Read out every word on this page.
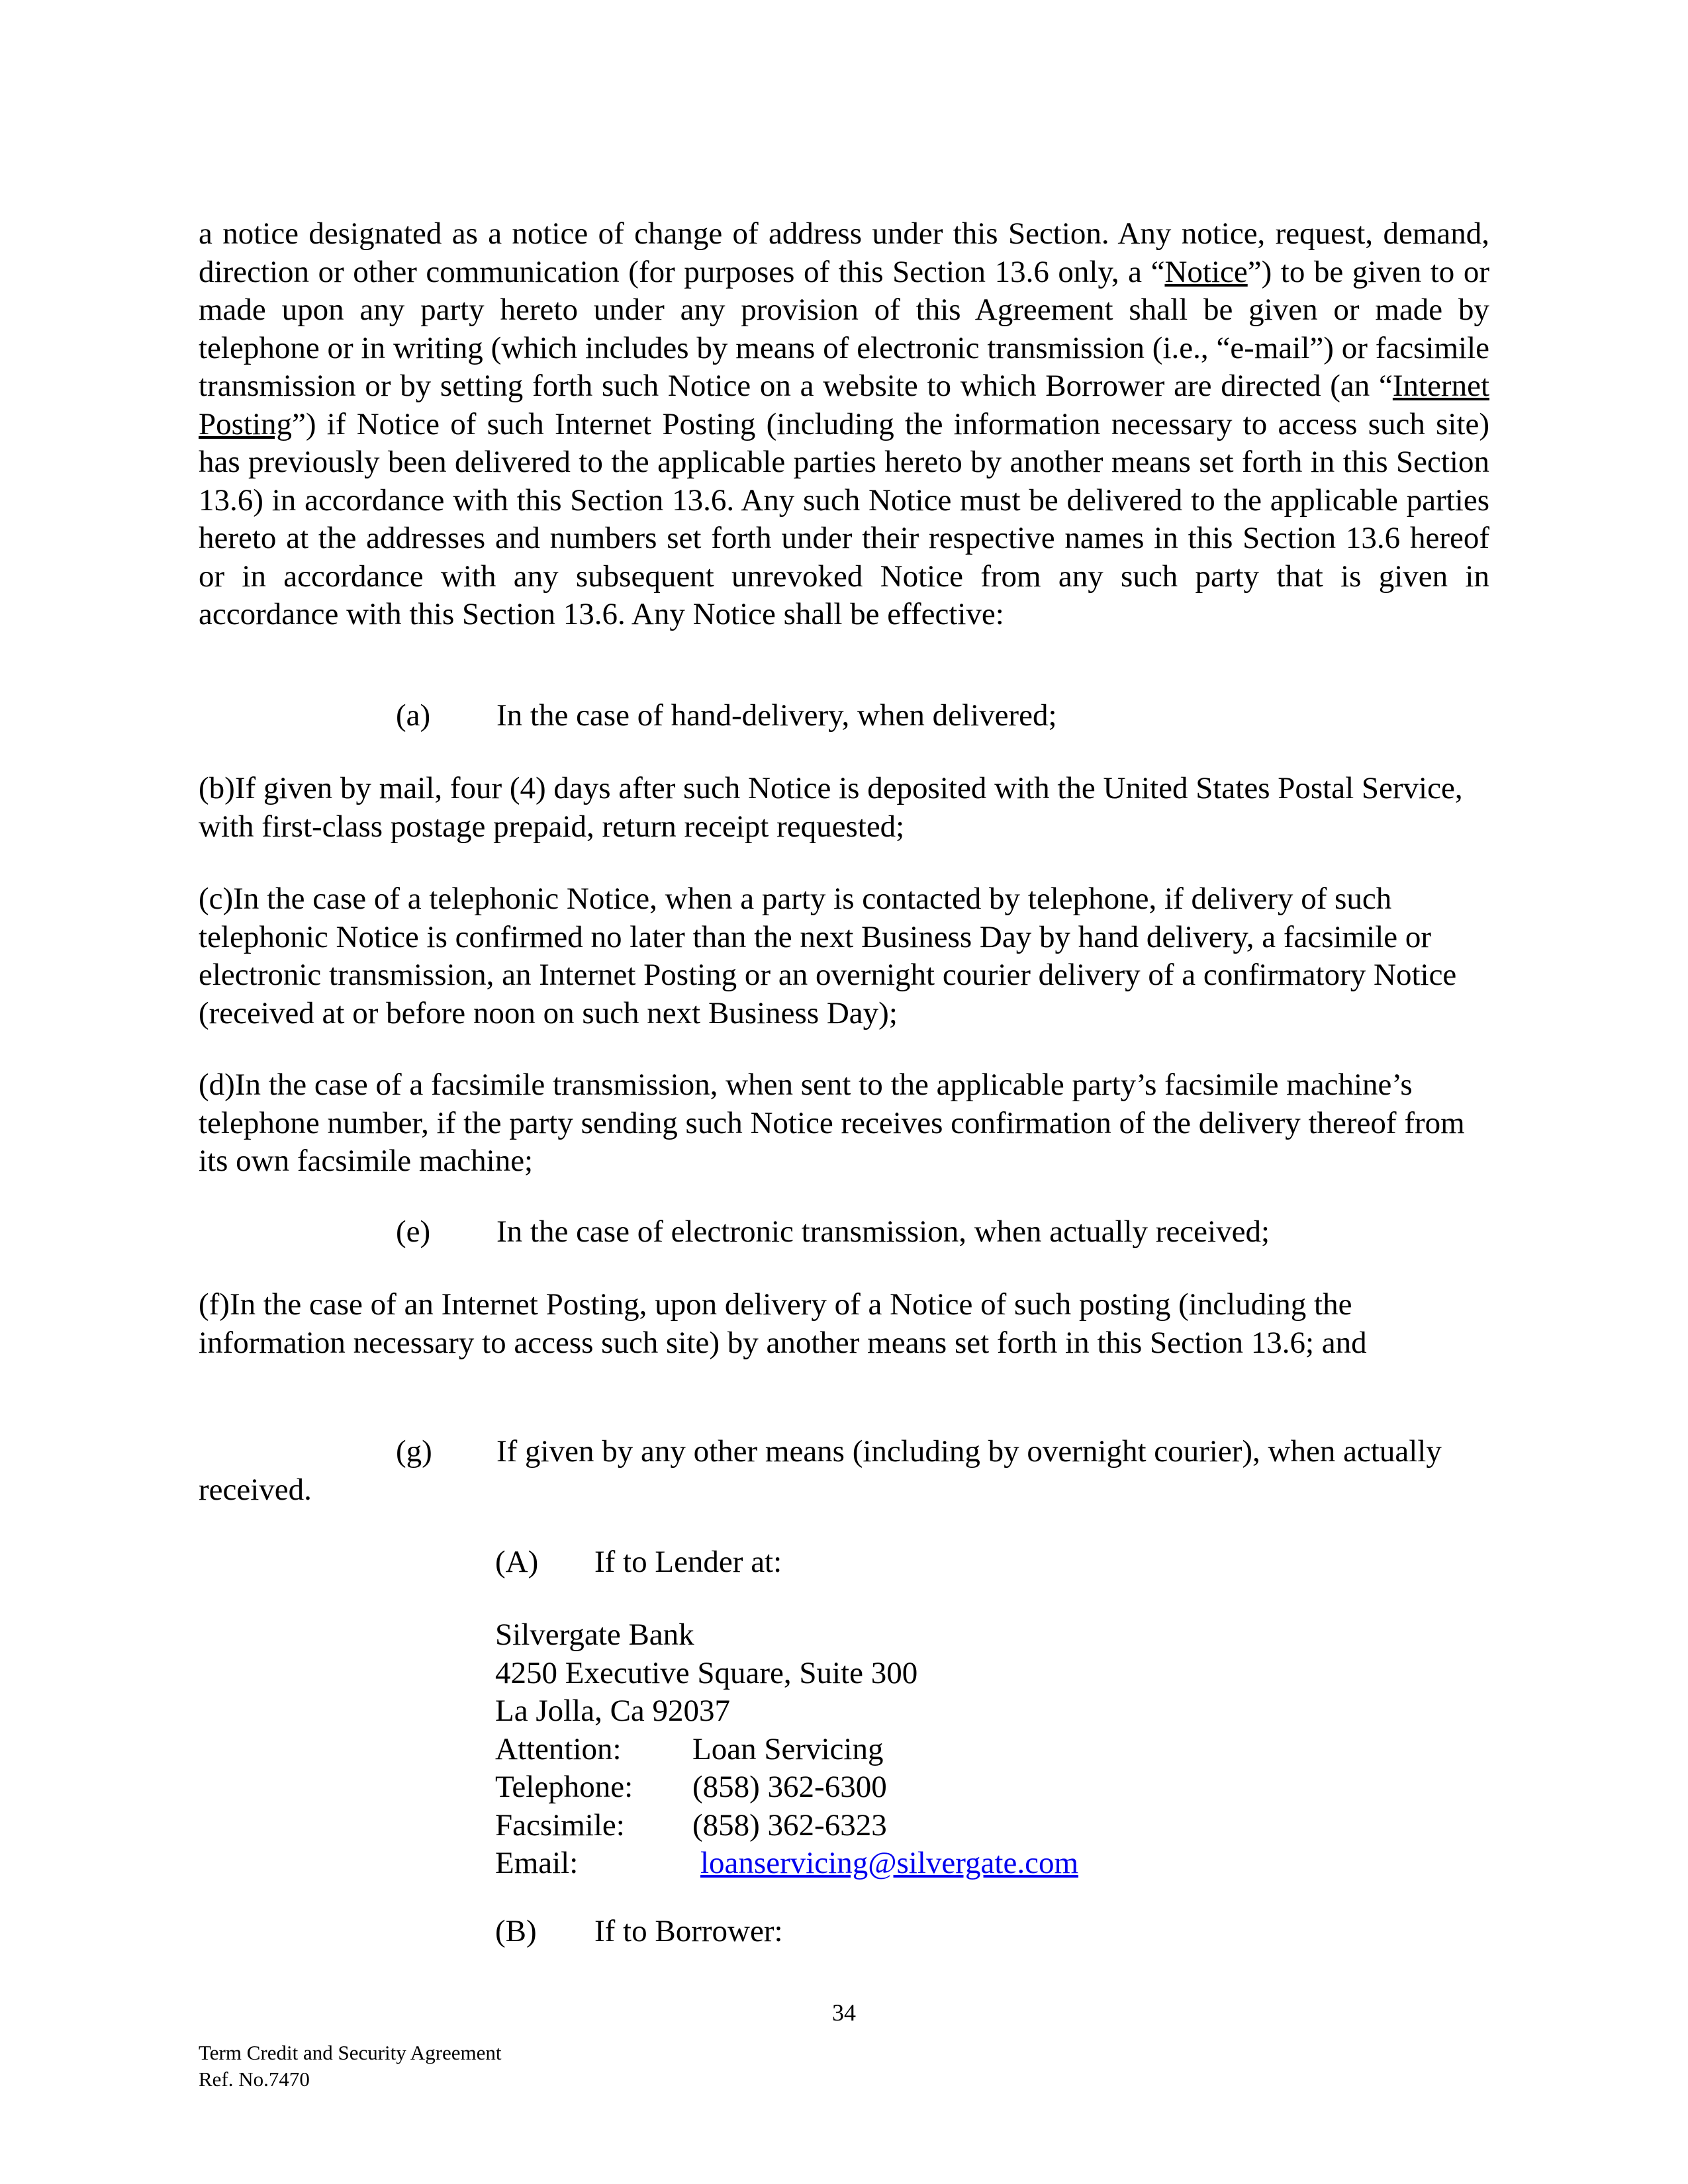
a notice designated as a notice of change of address under this Section. Any notice, request, demand, direction or other communication (for purposes of this Section 13.6 only, a “Notice”) to be given to or made upon any party hereto under any provision of this Agreement shall be given or made by telephone or in writing (which includes by means of electronic transmission (i.e., “e-mail”) or facsimile transmission or by setting forth such Notice on a website to which Borrower are directed (an “Internet Posting”) if Notice of such Internet Posting (including the information necessary to access such site) has previously been delivered to the applicable parties hereto by another means set forth in this Section 13.6) in accordance with this Section 13.6. Any such Notice must be delivered to the applicable parties hereto at the addresses and numbers set forth under their respective names in this Section 13.6 hereof or in accordance with any subsequent unrevoked Notice from any such party that is given in accordance with this Section 13.6. Any Notice shall be effective:
(a) In the case of hand-delivery, when delivered;
(b)If given by mail, four (4) days after such Notice is deposited with the United States Postal Service, with first-class postage prepaid, return receipt requested;
(c)In the case of a telephonic Notice, when a party is contacted by telephone, if delivery of such telephonic Notice is confirmed no later than the next Business Day by hand delivery, a facsimile or electronic transmission, an Internet Posting or an overnight courier delivery of a confirmatory Notice (received at or before noon on such next Business Day);
(d)In the case of a facsimile transmission, when sent to the applicable party’s facsimile machine’s telephone number, if the party sending such Notice receives confirmation of the delivery thereof from its own facsimile machine;
(e) In the case of electronic transmission, when actually received;
(f)In the case of an Internet Posting, upon delivery of a Notice of such posting (including the information necessary to access such site) by another means set forth in this Section 13.6; and
(g) If given by any other means (including by overnight courier), when actually
received.
(A) If to Lender at:
Silvergate Bank
4250 Executive Square, Suite 300
La Jolla, Ca 92037
Attention:	Loan Servicing
Telephone:	(858) 362-6300
Facsimile:	(858) 362-6323
Email:	loanservicing@silvergate.com
(B) If to Borrower:
34
Term Credit and Security Agreement
Ref. No.7470
